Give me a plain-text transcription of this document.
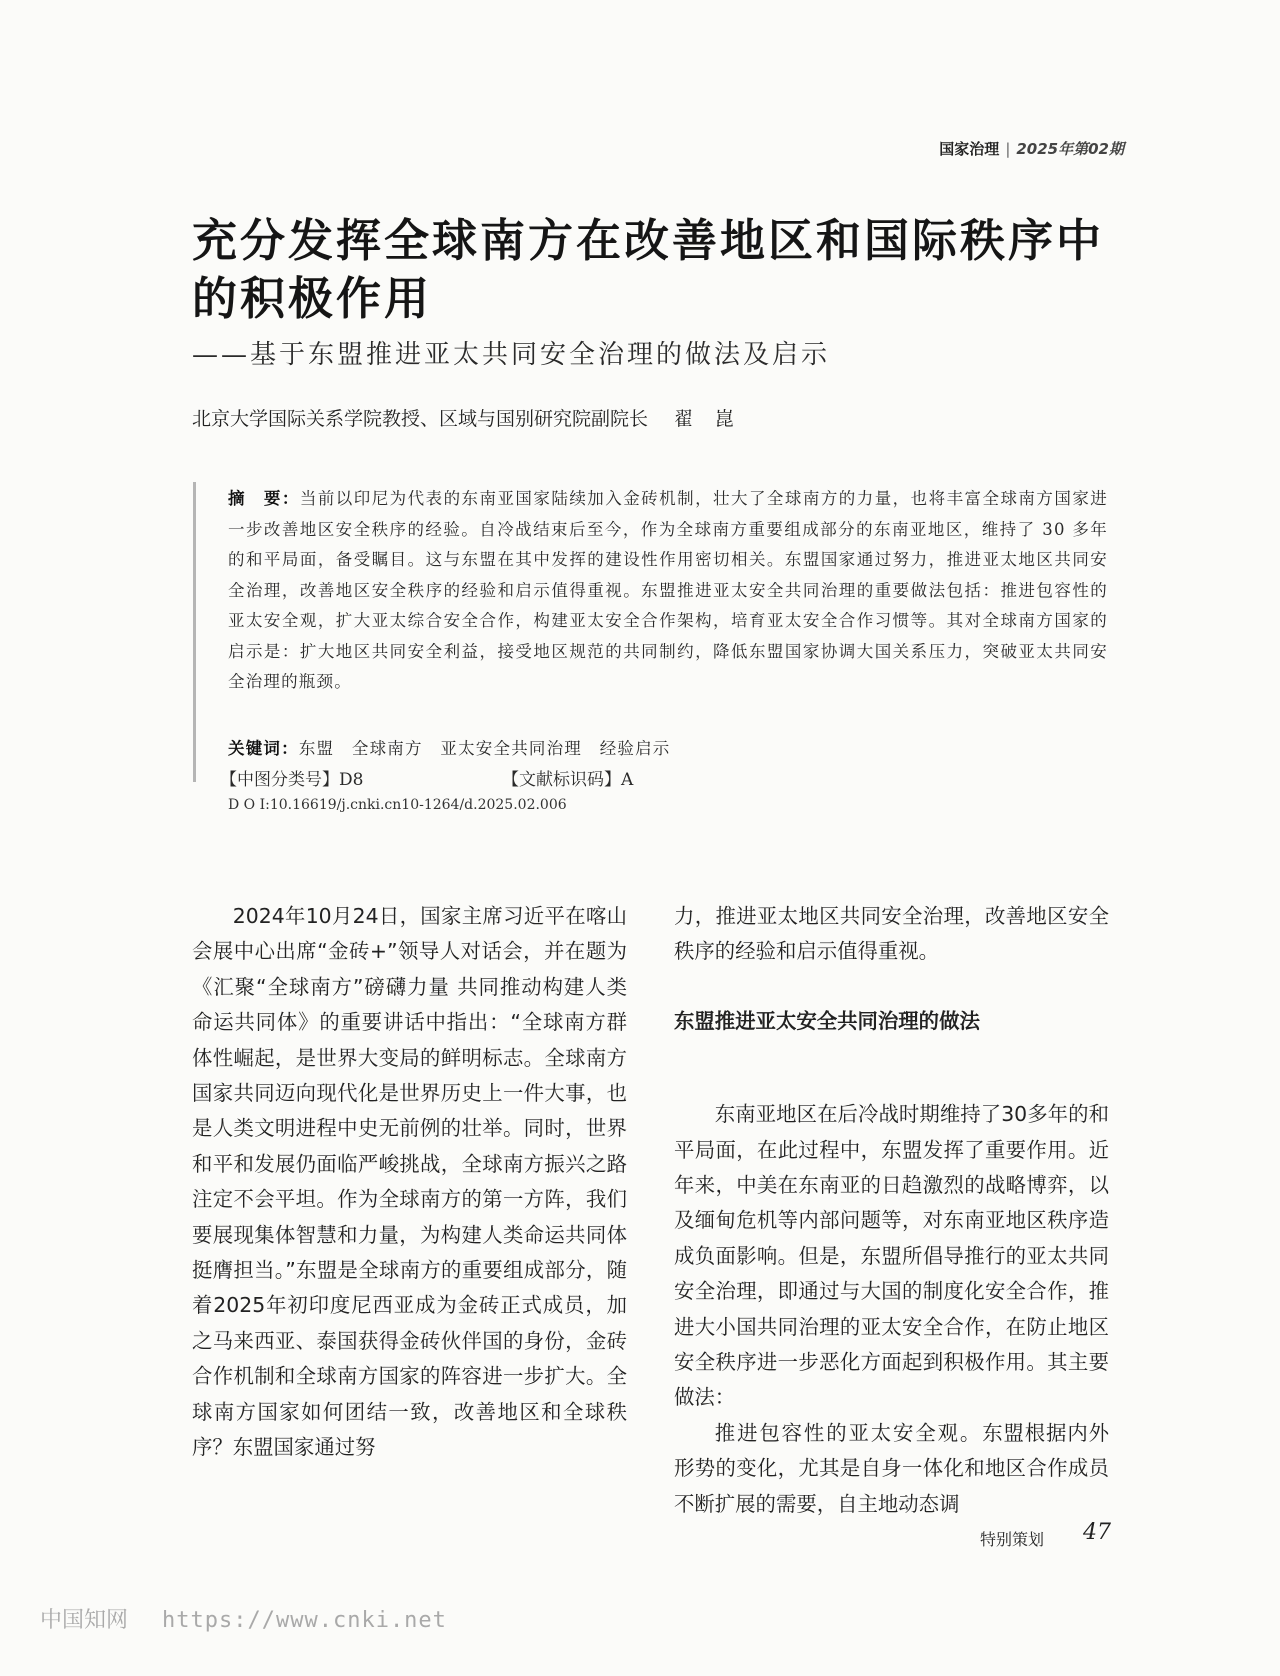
国家治理 | 2025年第02期
充分发挥全球南方在改善地区和国际秩序中的积极作用
——基于东盟推进亚太共同安全治理的做法及启示
北京大学国际关系学院教授、区域与国别研究院副院长 翟 崑
摘　要：当前以印尼为代表的东南亚国家陆续加入金砖机制，壮大了全球南方的力量，也将丰富全球南方国家进一步改善地区安全秩序的经验。自冷战结束后至今，作为全球南方重要组成部分的东南亚地区，维持了 30 多年的和平局面，备受瞩目。这与东盟在其中发挥的建设性作用密切相关。东盟国家通过努力，推进亚太地区共同安全治理，改善地区安全秩序的经验和启示值得重视。东盟推进亚太安全共同治理的重要做法包括：推进包容性的亚太安全观，扩大亚太综合安全合作，构建亚太安全合作架构，培育亚太安全合作习惯等。其对全球南方国家的启示是：扩大地区共同安全利益，接受地区规范的共同制约，降低东盟国家协调大国关系压力，突破亚太共同安全治理的瓶颈。
关键词：东盟　全球南方　亚太安全共同治理　经验启示
【中图分类号】D8	【文献标识码】A
D O I:10.16619/j.cnki.cn10-1264/d.2025.02.006

2024年10月24日，国家主席习近平在喀山会展中心出席“金砖+”领导人对话会，并在题为《汇聚“全球南方”磅礴力量 共同推动构建人类命运共同体》的重要讲话中指出：“全球南方群体性崛起，是世界大变局的鲜明标志。全球南方国家共同迈向现代化是世界历史上一件大事，也是人类文明进程中史无前例的壮举。同时，世界和平和发展仍面临严峻挑战，全球南方振兴之路注定不会平坦。作为全球南方的第一方阵，我们要展现集体智慧和力量，为构建人类命运共同体挺膺担当。”东盟是全球南方的重要组成部分，随着2025年初印度尼西亚成为金砖正式成员，加之马来西亚、泰国获得金砖伙伴国的身份，金砖合作机制和全球南方国家的阵容进一步扩大。全球南方国家如何团结一致，改善地区和全球秩序？东盟国家通过努

力，推进亚太地区共同安全治理，改善地区安全秩序的经验和启示值得重视。

东盟推进亚太安全共同治理的做法

东南亚地区在后冷战时期维持了30多年的和平局面，在此过程中，东盟发挥了重要作用。近年来，中美在东南亚的日趋激烈的战略博弈，以及缅甸危机等内部问题等，对东南亚地区秩序造成负面影响。但是，东盟所倡导推行的亚太共同安全治理，即通过与大国的制度化安全合作，推进大小国共同治理的亚太安全合作，在防止地区安全秩序进一步恶化方面起到积极作用。其主要做法：

推进包容性的亚太安全观。东盟根据内外形势的变化，尤其是自身一体化和地区合作成员不断扩展的需要，自主地动态调

特别策划 47
中国知网 https://www.cnki.net
